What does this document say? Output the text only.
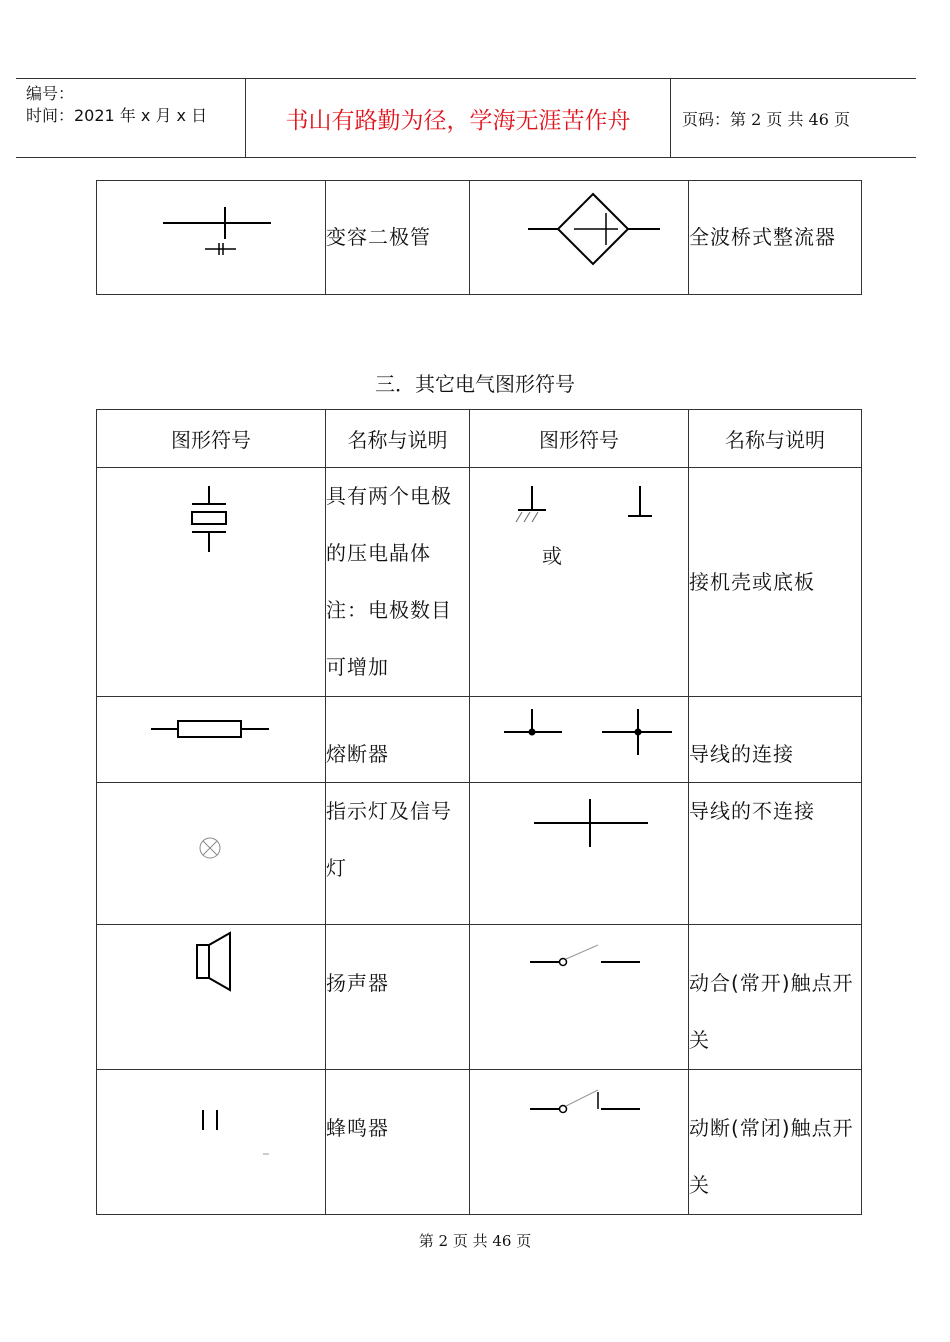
编号：
时间：2021 年 x 月 x 日	书山有路勤为径，学海无涯苦作舟	页码：第 2 页 共 46 页
	变容二极管		全波桥式整流器
三．其它电气图形符号
图形符号	名称与说明	图形符号	名称与说明

	具有两个电极的压电晶体注：电极数目可增加	或	接机壳或底板

	熔断器		导线的连接

	指示灯及信号灯		导线的不连接

	扬声器		动合(常开)触点开关

	蜂鸣器		动断(常闭)触点开关
第 2 页 共 46 页
